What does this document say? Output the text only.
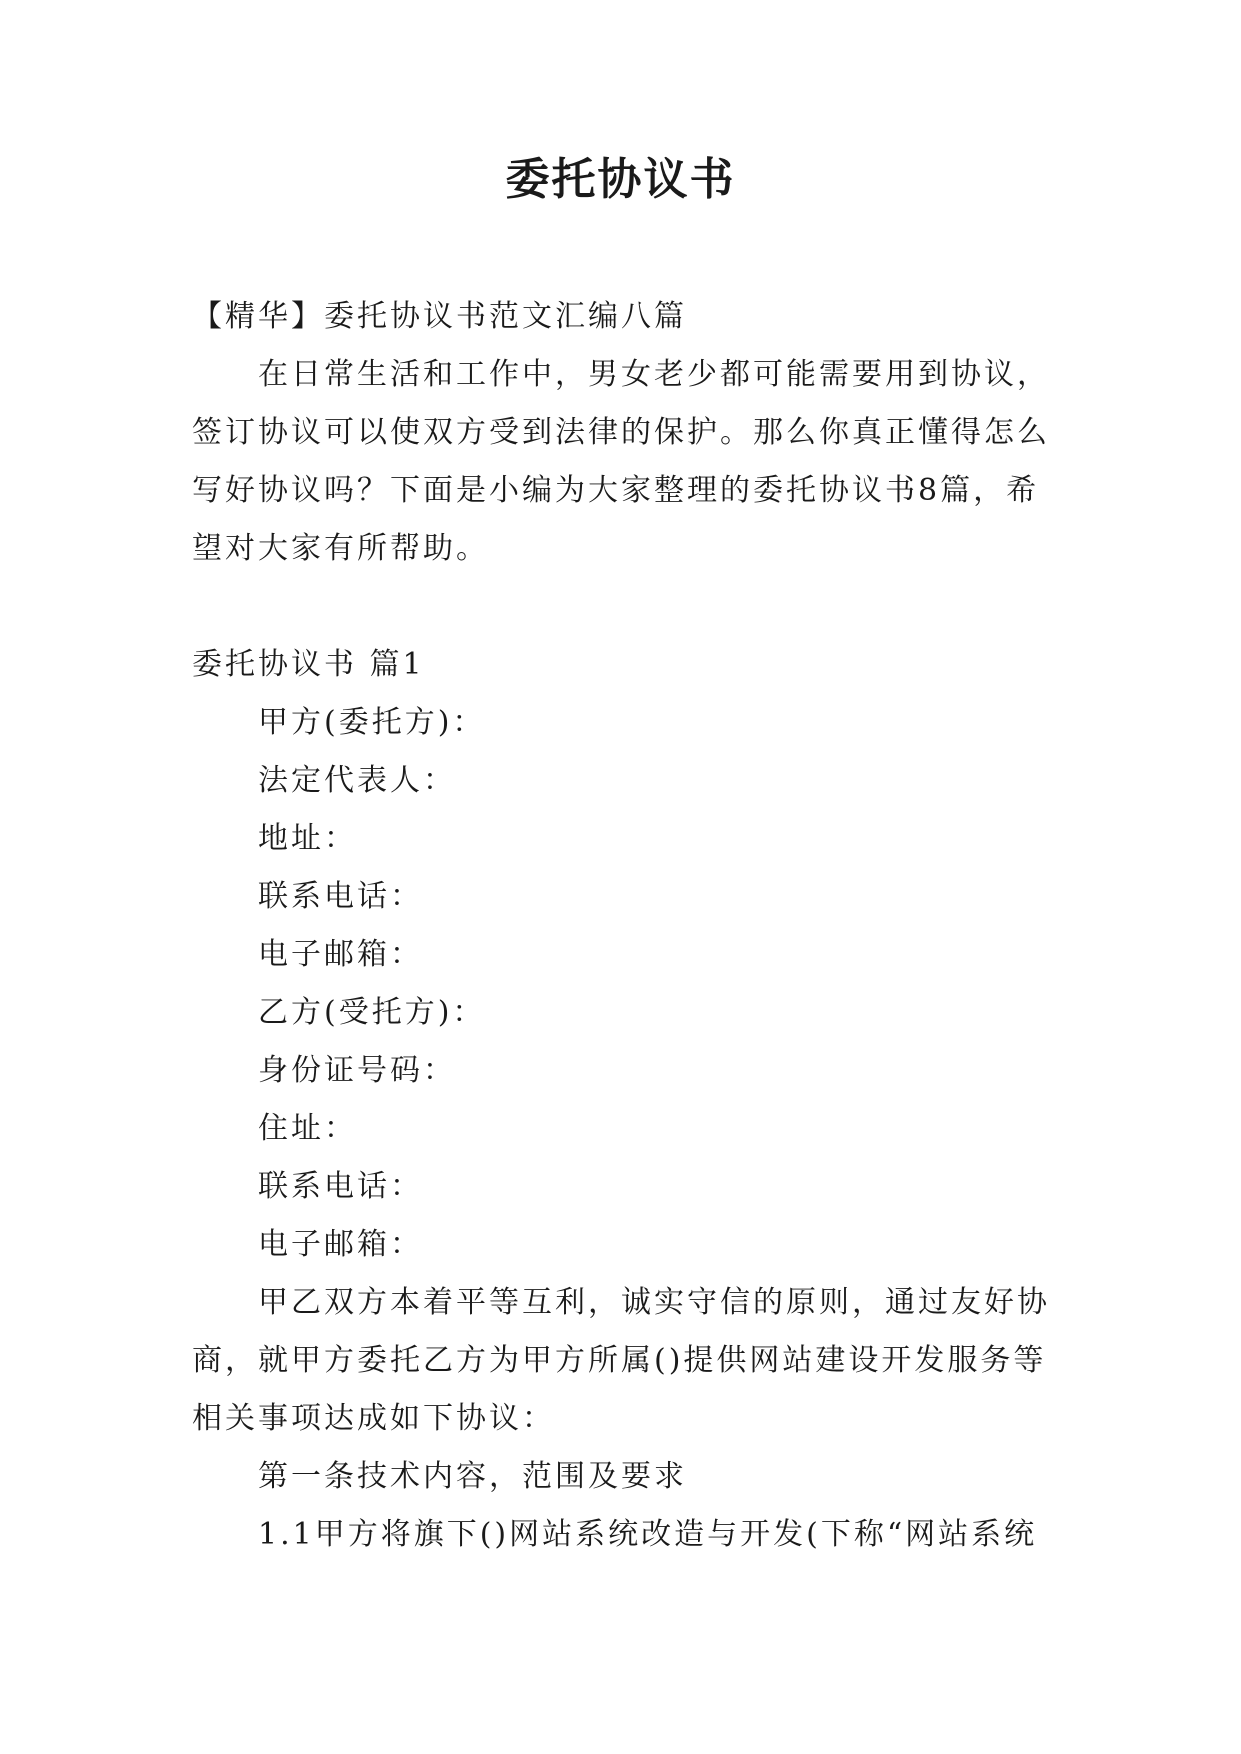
委托协议书

【精华】委托协议书范文汇编八篇

在日常生活和工作中，男女老少都可能需要用到协议，签订协议可以使双方受到法律的保护。那么你真正懂得怎么写好协议吗？下面是小编为大家整理的委托协议书8篇，希望对大家有所帮助。

委托协议书 篇1

甲方(委托方)：

法定代表人：

地址：

联系电话：

电子邮箱：

乙方(受托方)：

身份证号码：

住址：

联系电话：

电子邮箱：

甲乙双方本着平等互利，诚实守信的原则，通过友好协商，就甲方委托乙方为甲方所属()提供网站建设开发服务等相关事项达成如下协议：

第一条技术内容，范围及要求

1.1甲方将旗下()网站系统改造与开发(下称“网站系统
